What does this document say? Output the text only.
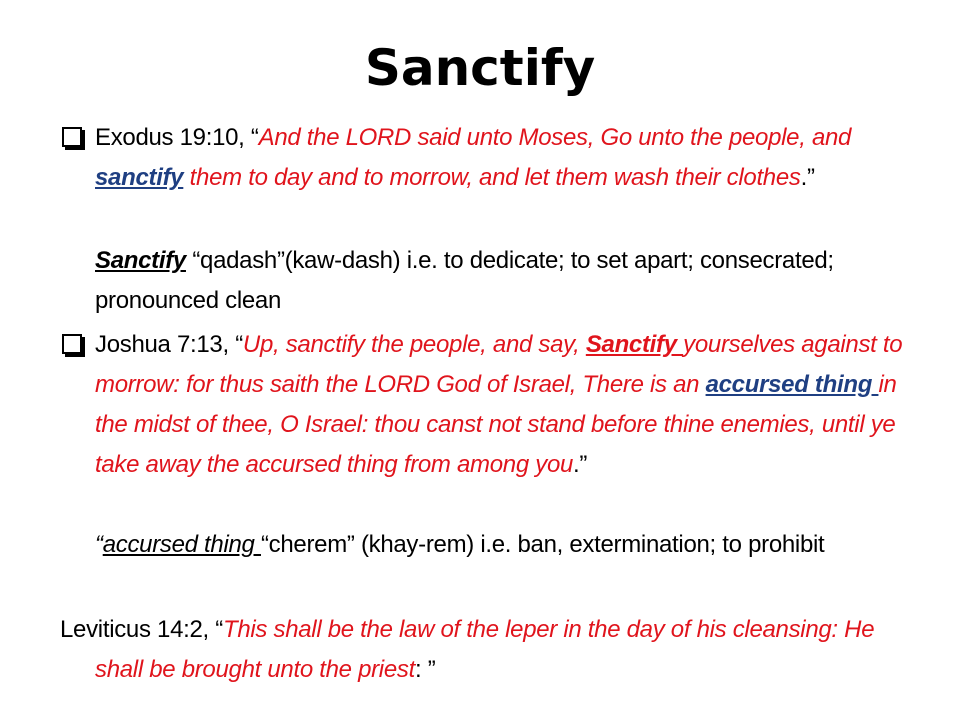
Sanctify
Exodus 19:10, “And the LORD said unto Moses, Go unto the people, and sanctify them to day and to morrow, and let them wash their clothes.”
Sanctify “qadash”(kaw-dash) i.e. to dedicate; to set apart; consecrated; pronounced clean
Joshua 7:13, “Up, sanctify the people, and say, Sanctify yourselves against to morrow: for thus saith the LORD God of Israel, There is an accursed thing in the midst of thee, O Israel: thou canst not stand before thine enemies, until ye take away the accursed thing from among you.”
“accursed thing “cherem” (khay-rem) i.e. ban, extermination; to prohibit
Leviticus 14:2, “This shall be the law of the leper in the day of his cleansing: He shall be brought unto the priest: ”
